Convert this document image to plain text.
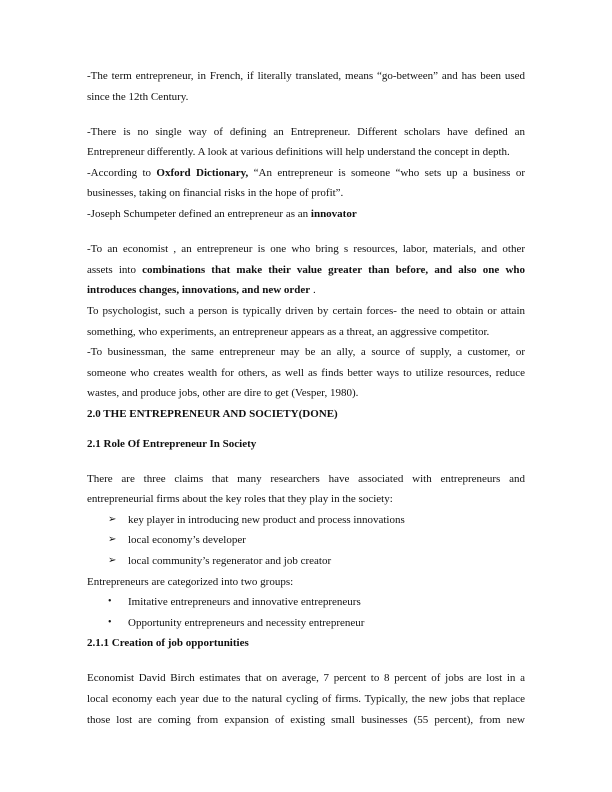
-The term entrepreneur, in French, if literally translated, means “go-between” and has been used
since the 12th Century.
-There is no single way of defining an Entrepreneur. Different scholars have defined an
Entrepreneur differently. A look at various definitions will help understand the concept in depth.
-According to Oxford Dictionary, “An entrepreneur is someone “who sets up a business or
businesses, taking on financial risks in the hope of profit”.
-Joseph Schumpeter defined an entrepreneur as an innovator
-To an economist , an entrepreneur is one who bring s resources, labor, materials, and other
assets into combinations that make their value greater than before, and also one who
introduces changes, innovations, and new order .
To psychologist, such a person is typically driven by certain forces- the need to obtain or attain
something, who experiments, an entrepreneur appears as a threat, an aggressive competitor.
-To businessman, the same entrepreneur may be an ally, a source of supply, a customer, or
someone who creates wealth for others, as well as finds better ways to utilize resources, reduce
wastes, and produce jobs, other are dire to get (Vesper, 1980).
2.0 THE ENTREPRENEUR AND SOCIETY(DONE)
2.1 Role Of Entrepreneur In Society
There are three claims that many researchers have associated with entrepreneurs and
entrepreneurial firms about the key roles that they play in the society:
➢ key player in introducing new product and process innovations
➢ local economy’s developer
➢ local community’s regenerator and job creator
Entrepreneurs are categorized into two groups:
• Imitative entrepreneurs and innovative entrepreneurs
• Opportunity entrepreneurs and necessity entrepreneur
2.1.1 Creation of job opportunities
Economist David Birch estimates that on average, 7 percent to 8 percent of jobs are lost in a
local economy each year due to the natural cycling of firms. Typically, the new jobs that replace
those lost are coming from expansion of existing small businesses (55 percent), from new
